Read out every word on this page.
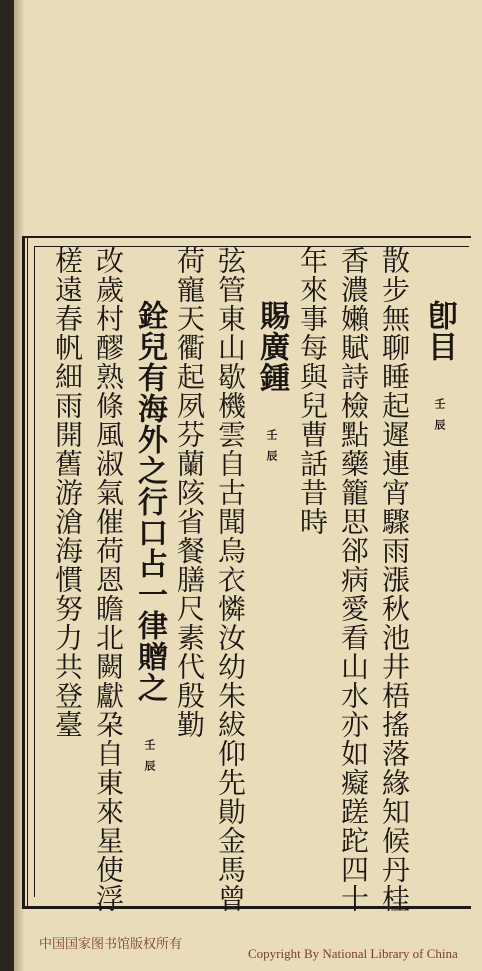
卽目 壬辰
散步無聊睡起遲連宵驟雨漲秋池井梧搖落緣知候丹桂
香濃嬾賦詩檢點藥籠思郤病愛看山水亦如癡蹉跎四十
年來事每與兒曹話昔時
賜廣鍾 壬辰
弦管東山歇機雲自古聞烏衣憐汝幼朱紱仰先勛金馬曾
荷寵天衢起夙芬蘭陔省餐膳尺素代殷勤
銓兒有海外之行口占一律贈之 壬辰
改歲村醪熟條風淑氣催荷恩瞻北闕獻朶自東來星使浮
槎遠春帆細雨開舊游滄海慣努力共登臺
中国国家图书馆版权所有
Copyright By National Library of China
